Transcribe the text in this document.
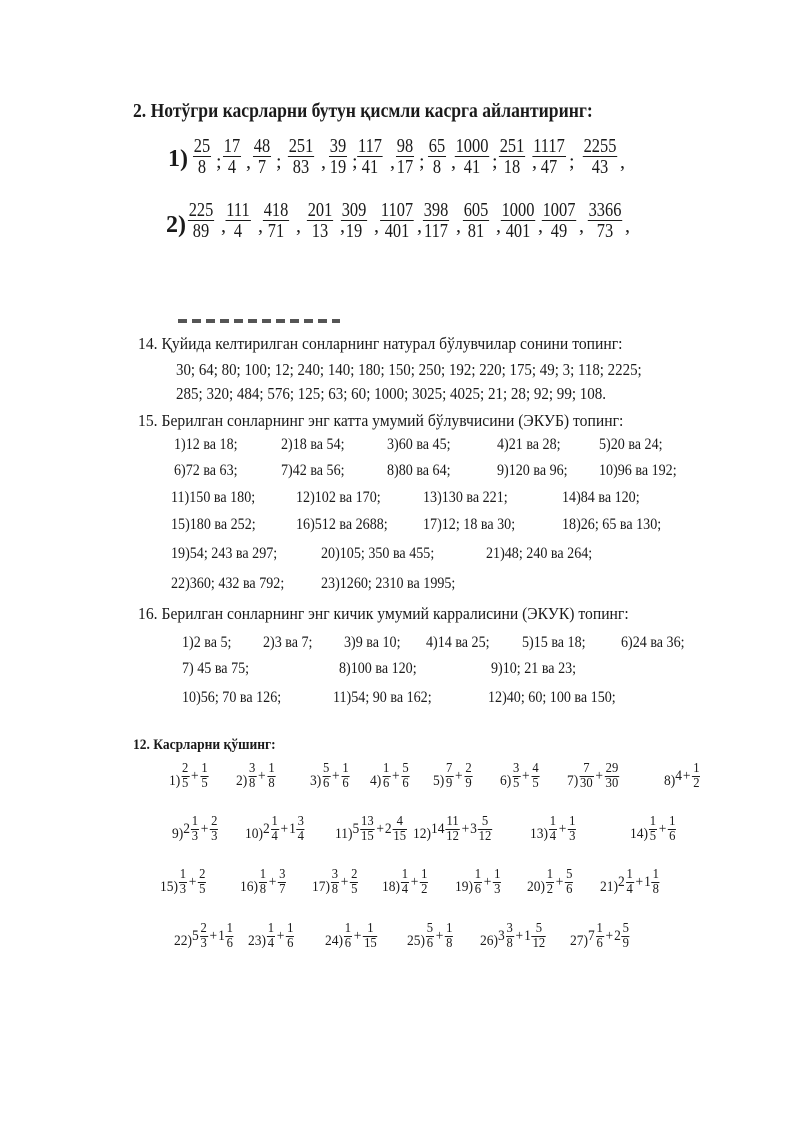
2. Нотўгри касрларни бутун қисмли касрга айлантиринг:
$1) \frac{25}{8}$ ; $\frac{17}{4}$ , $\frac{48}{7}$ ; $\frac{251}{83}$ , $\frac{39}{19}$ ; $\frac{117}{41}$ , $\frac{98}{17}$ ; $\frac{65}{8}$ ,
$\frac{1000}{41}$ ; $\frac{251}{18}$ ,
$\frac{1117}{47}$ ; $\frac{2255}{43}$ ,
$2) \frac{225}{89}$ , $\frac{111}{4}$ , $\frac{418}{71}$ , $\frac{201}{13}$ ,
$\frac{309}{19}$ , $\frac{1107}{401}$ , $\frac{398}{117}$ , $\frac{605}{81}$ , $\frac{1000}{401}$ ,
$\frac{1007}{49}$ , $\frac{3366}{73}$ ,
14. Қуйида келтирилган сонларнинг натурал бўлувчилар сонини топинг:
30; 64; 80; 100; 12; 240; 140; 180; 150; 250; 192; 220; 175; 49; 3; 118; 2225;
285; 320; 484; 576; 125; 63; 60; 1000; 3025; 4025; 21; 28; 92; 99; 108.
15. Берилган сонларнинг энг катта умумий бўлувчисини (ЭКУБ) топинг:
1)12 ва 18;	2)18 ва 54;	3)60 ва 45;	4)21 ва 28; 5)20 ва 24;
6)72 ва 63;	7)42 ва 56;	8)80 ва 64;	9)120 ва 96; 10)96 ва 192;
11)150 ва 180;	12)102 ва 170;	13)130 ва 221;	14)84 ва 120;
15)180 ва 252;	16)512 ва 2688; 17)12; 18 ва 30;	18)26; 65 ва 130;
19)54; 243 ва 297;	20)105; 350 ва 455;	21)48; 240 ва 264;
22)360; 432 ва 792; 23)1260; 2310 ва 1995;
16. Берилган сонларнинг энг кичик умумий карралисини (ЭКУК) топинг:
1)2 ва 5; 2)3 ва 7; 3)9 ва 10; 4)14 ва 25; 5)15 ва 18; 6)24 ва 36;
7) 45 ва 75;	8)100 ва 120;	9)10; 21 ва 23;
10)56; 70 ва 126;	11)54; 90 ва 162;	12)40; 60; 100 ва 150;
12. Касрларни қўшинг:
$1) \frac{2}{5} + \frac{1}{5} 2) \frac{3}{8} + \frac{1}{8} 3) \frac{5}{6} + \frac{1}{6} 4) \frac{1}{6} + \frac{5}{6} 5) \frac{7}{9} + \frac{2}{9} 6) \frac{3}{5} + \frac{4}{5} 7) \frac{7}{30} + \frac{29}{30}$	8) $4 + \frac{1}{2}$
9) $2 \frac{1}{3} + \frac{2}{3} 10$) $2 \frac{1}{4} + 1 \frac{3}{4} 11$) $5 \frac{13}{15} + 2 \frac{4}{15} 12$) $14 \frac{11}{12} + 3 \frac{5}{12}$	$13) \frac{1}{4} + \frac{1}{3}$	$14) \frac{1}{5} + \frac{1}{6}$
$15) \frac{1}{3} + \frac{2}{5} 16) \frac{1}{8} + \frac{3}{7} 17) \frac{3}{8} + \frac{2}{5} 18) \frac{1}{4} + \frac{1}{2} 19) \frac{1}{6} + \frac{1}{3} 20) \frac{1}{2} + \frac{5}{6} 21$) $2 \frac{1}{4} + 1 \frac{1}{8}$
22) $5 \frac{2}{3} + 1 \frac{1}{6} 23) \frac{1}{4} + \frac{1}{6} 24) \frac{1}{6} + \frac{1}{15} 25) \frac{5}{6} + \frac{1}{8} 26$) $3 \frac{3}{8} + 1 \frac{5}{12} 27$) $7 \frac{1}{6} + 2 \frac{5}{9}$
